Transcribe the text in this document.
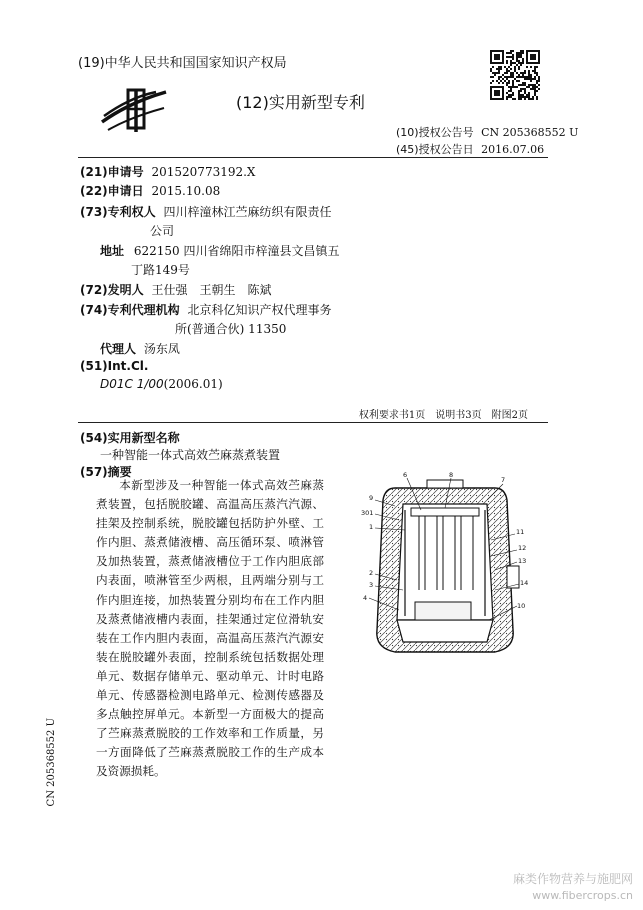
(19)中华人民共和国国家知识产权局
(12)实用新型专利
(10)授权公告号 CN 205368552 U
(45)授权公告日 2016.07.06
(21)申请号 201520773192.X
(22)申请日 2015.10.08
(73)专利权人 四川梓潼林江苎麻纺织有限责任
公司
地址 622150 四川省绵阳市梓潼县文昌镇五
丁路149号
(72)发明人 王仕强　王朝生　陈斌
(74)专利代理机构 北京科亿知识产权代理事务
所(普通合伙) 11350
代理人 汤东凤
(51)Int.Cl.
D01C 1/00(2006.01)
权利要求书1页　说明书3页　附图2页
(54)实用新型名称
一种智能一体式高效苎麻蒸煮装置
(57)摘要

本新型涉及一种智能一体式高效苎麻蒸煮装置，包括脱胶罐、高温高压蒸汽汽源、挂架及控制系统，脱胶罐包括防护外壁、工作内胆、蒸煮储液槽、高压循环泵、喷淋管及加热装置，蒸煮储液槽位于工作内胆底部内表面，喷淋管至少两根，且两端分别与工作内胆连接，加热装置分别均布在工作内胆及蒸煮储液槽内表面，挂架通过定位滑轨安装在工作内胆内表面，高温高压蒸汽汽源安装在脱胶罐外表面，控制系统包括数据处理单元、数据存储单元、驱动单元、计时电路单元、传感器检测电路单元、检测传感器及多点触控屏单元。本新型一方面极大的提高了苎麻蒸煮脱胶的工作效率和工作质量，另一方面降低了苎麻蒸煮脱胶工作的生产成本及资源损耗。

6	8
7
9
301
1
2
3
4
11
12
13
14
10
CN 205368552 U
麻类作物营养与施肥网
www.fibercrops.cn
